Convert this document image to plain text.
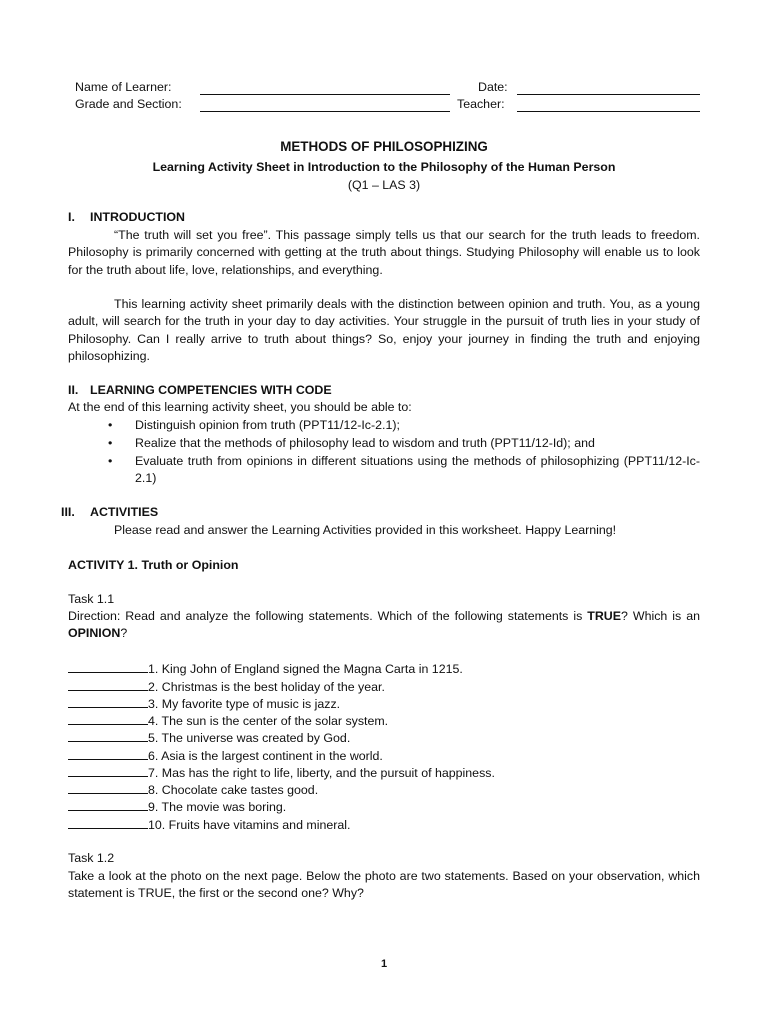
Name of Learner:
Grade and Section:
Date:
Teacher:
METHODS OF PHILOSOPHIZING
Learning Activity Sheet in Introduction to the Philosophy of the Human Person
(Q1 – LAS 3)
I. INTRODUCTION
“The truth will set you free”. This passage simply tells us that our search for the truth leads to freedom. Philosophy is primarily concerned with getting at the truth about things. Studying Philosophy will enable us to look for the truth about life, love, relationships, and everything.
This learning activity sheet primarily deals with the distinction between opinion and truth. You, as a young adult, will search for the truth in your day to day activities. Your struggle in the pursuit of truth lies in your study of Philosophy. Can I really arrive to truth about things? So, enjoy your journey in finding the truth and enjoying philosophizing.
II. LEARNING COMPETENCIES WITH CODE
At the end of this learning activity sheet, you should be able to:
•	Distinguish opinion from truth (PPT11/12-Ic-2.1);
•	Realize that the methods of philosophy lead to wisdom and truth (PPT11/12-Id); and
•	Evaluate truth from opinions in different situations using the methods of philosophizing (PPT11/12-Ic-2.1)
III. ACTIVITIES
Please read and answer the Learning Activities provided in this worksheet. Happy Learning!
ACTIVITY 1. Truth or Opinion
Task 1.1
Direction: Read and analyze the following statements. Which of the following statements is TRUE? Which is an OPINION?
1. King John of England signed the Magna Carta in 1215.
2. Christmas is the best holiday of the year.
3. My favorite type of music is jazz.
4. The sun is the center of the solar system.
5. The universe was created by God.
6. Asia is the largest continent in the world.
7. Mas has the right to life, liberty, and the pursuit of happiness.
8. Chocolate cake tastes good.
9. The movie was boring.
10. Fruits have vitamins and mineral.
Task 1.2
Take a look at the photo on the next page. Below the photo are two statements. Based on your observation, which statement is TRUE, the first or the second one? Why?
1
